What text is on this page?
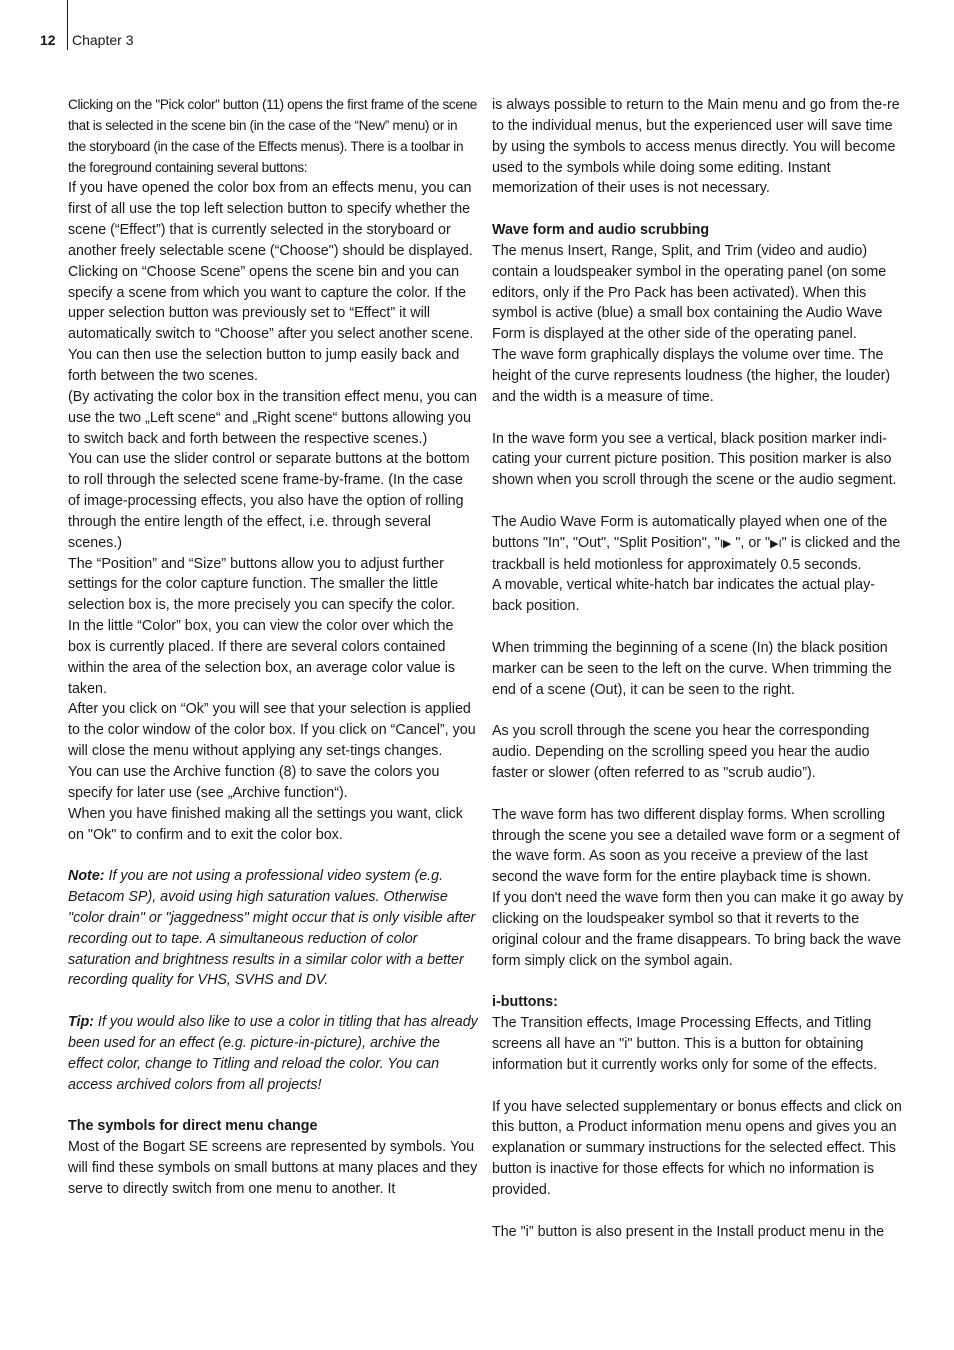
12 Chapter 3

Clicking on the "Pick color” button (11) opens the first frame of the scene that is selected in the scene bin (in the case of the “New” menu) or in the storyboard (in the case of the Effects menus). There is a toolbar in the foreground containing several buttons:

If you have opened the color box from an effects menu, you can first of all use the top left selection button to specify whether the scene (“Effect”) that is currently selected in the storyboard or another freely selectable scene (“Choose") should be displayed.

Clicking on “Choose Scene” opens the scene bin and you can specify a scene from which you want to capture the color. If the upper selection button was previously set to “Effect” it will automatically switch to “Choose” after you select another scene. You can then use the selection button to jump easily back and forth between the two scenes.

(By activating the color box in the transition effect menu, you can use the two „Left scene“ and „Right scene“ buttons allowing you to switch back and forth between the respective scenes.)

You can use the slider control or separate buttons at the bottom to roll through the selected scene frame-by-frame. (In the case of image-processing effects, you also have the option of rolling through the entire length of the effect, i.e. through several scenes.)

The “Position” and “Size” buttons allow you to adjust further settings for the color capture function. The smaller the little selection box is, the more precisely you can specify the color.

In the little “Color” box, you can view the color over which the box is currently placed. If there are several colors contained within the area of the selection box, an average color value is taken.

After you click on “Ok” you will see that your selection is applied to the color window of the color box. If you click on “Cancel”, you will close the menu without applying any set-tings changes.

You can use the Archive function (8) to save the colors you specify for later use (see „Archive function“).

When you have finished making all the settings you want, click on "Ok" to confirm and to exit the color box.

Note: If you are not using a professional video system (e.g. Betacom SP), avoid using high saturation values. Otherwise "color drain" or "jaggedness" might occur that is only visible after recording out to tape. A simultaneous reduction of color saturation and brightness results in a similar color with a better recording quality for VHS, SVHS and DV.

Tip: If you would also like to use a color in titling that has already been used for an effect (e.g. picture-in-picture), archive the effect color, change to Titling and reload the color. You can access archived colors from all projects!

The symbols for direct menu change

Most of the Bogart SE screens are represented by symbols. You will find these symbols on small buttons at many places and they serve to directly switch from one menu to another. It

is always possible to return to the Main menu and go from the-re to the individual menus, but the experienced user will save time by using the symbols to access menus directly. You will become used to the symbols while doing some editing. Instant memorization of their uses is not necessary.

Wave form and audio scrubbing

The menus Insert, Range, Split, and Trim (video and audio) contain a loudspeaker symbol in the operating panel (on some editors, only if the Pro Pack has been activated). When this symbol is active (blue) a small box containing the Audio Wave Form is displayed at the other side of the operating panel.

The wave form graphically displays the volume over time. The height of the curve represents loudness (the higher, the louder) and the width is a measure of time.

In the wave form you see a vertical, black position marker indi-cating your current picture position. This position marker is also shown when you scroll through the scene or the audio segment.

The Audio Wave Form is automatically played when one of the buttons "In", "Out", "Split Position", "I▶ ", or "▶I" is clicked and the trackball is held motionless for approximately 0.5 seconds.

A movable, vertical white-hatch bar indicates the actual play-back position.

When trimming the beginning of a scene (In) the black position marker can be seen to the left on the curve. When trimming the end of a scene (Out), it can be seen to the right.

As you scroll through the scene you hear the corresponding audio. Depending on the scrolling speed you hear the audio faster or slower (often referred to as "scrub audio”).

The wave form has two different display forms. When scrolling through the scene you see a detailed wave form or a segment of the wave form. As soon as you receive a preview of the last second the wave form for the entire playback time is shown.

If you don't need the wave form then you can make it go away by clicking on the loudspeaker symbol so that it reverts to the original colour and the frame disappears. To bring back the wave form simply click on the symbol again.

i-buttons:

The Transition effects, Image Processing Effects, and Titling screens all have an "i" button. This is a button for obtaining information but it currently works only for some of the effects.

If you have selected supplementary or bonus effects and click on this button, a Product information menu opens and gives you an explanation or summary instructions for the selected effect. This button is inactive for those effects for which no information is provided.

The "i” button is also present in the Install product menu in the
